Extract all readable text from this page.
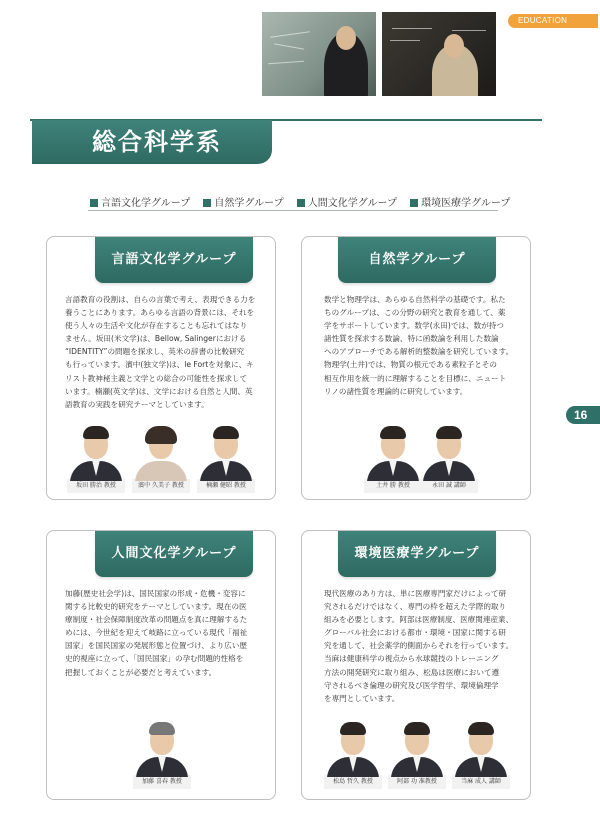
EDUCATION SYSTEM
総合科学系
言語文化学グループ 自然学グループ 人間文化学グループ 環境医療学グループ
言語文化学グループ
言語教育の役割は、自らの言葉で考え、表現できる力を
養うことにあります。あらゆる言語の背景には、それを
使う人々の生活や文化が存在することも忘れてはなり
ません。坂田(米文学)は、Bellow, Salingerにおける
“IDENTITY”の問題を探求し、英米の辞書の比較研究
も行っています。濱中(独文学)は、le Fortを対象に、キ
リスト教神秘主義と文学との総合の可能性を探求して
います。楠瀬(英文学)は、文学における自然と人間、英
語教育の実践を研究テーマとしています。
坂田 勝治 教授	濱中 久美子 教授	楠瀬 健昭 教授
自然学グループ
数学と物理学は、あらゆる自然科学の基礎です。私た
ちのグループは、この分野の研究と教育を通して、薬
学をサポートしています。数学(永田)では、数が持つ
諸性質を探求する数論、特に函数論を利用した数論
へのアプローチである解析的整数論を研究しています。
物理学(土井)では、物質の根元である素粒子とその
相互作用を統一的に理解することを目標に、ニュート
リノの諸性質を理論的に研究しています。
土井 勝 教授	永田 誠 講師
16
人間文化学グループ
加藤(歴史社会学)は、国民国家の形成・危機・変容に
関する比較史的研究をテーマとしています。現在の医
療制度・社会保障制度改革の問題点を真に理解するた
めには、今世紀を迎えて岐路に立っている現代「福祉
国家」を国民国家の発展形態と位置づけ、より広い歴
史的視座に立って、「国民国家」の孕む問題的性格を
把握しておくことが必要だと考えています。
加藤 喜春 教授
環境医療学グループ
現代医療のあり方は、単に医療専門家だけによって研
究されるだけではなく、専門の枠を超えた学際的取り
組みを必要とします。阿部は医療制度、医療関連産業、
グローバル社会における都市・環境・国家に関する研
究を通して、社会薬学的側面からそれを行っています。
当麻は健康科学の視点から水球競技のトレーニング
方法の開発研究に取り組み、松島は医療において遵
守されるべき倫理の研究及び医学哲学、環境倫理学
を専門としています。
松島 哲久 教授	阿部 功 准教授	当麻 成人 講師
